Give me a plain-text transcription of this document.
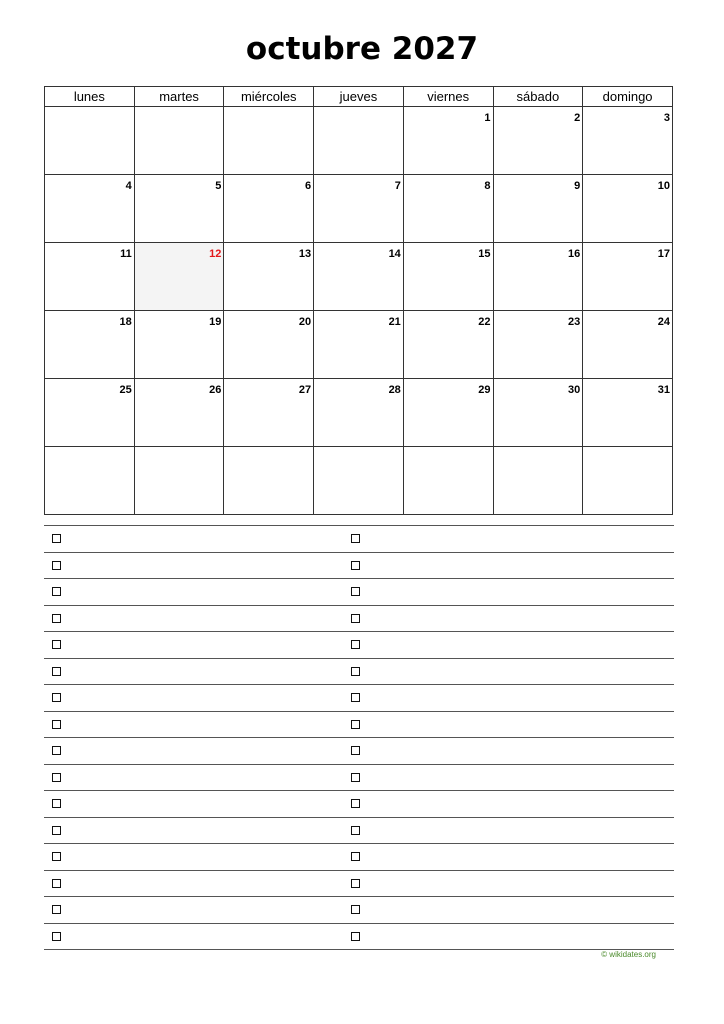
octubre 2027
lunes	martes	miércoles	jueves	viernes	sábado	domingo

				1	2	3

4	5	6	7	8	9	10

11	12	13	14	15	16	17

18	19	20	21	22	23	24

25	26	27	28	29	30	31

© wikidates.org
